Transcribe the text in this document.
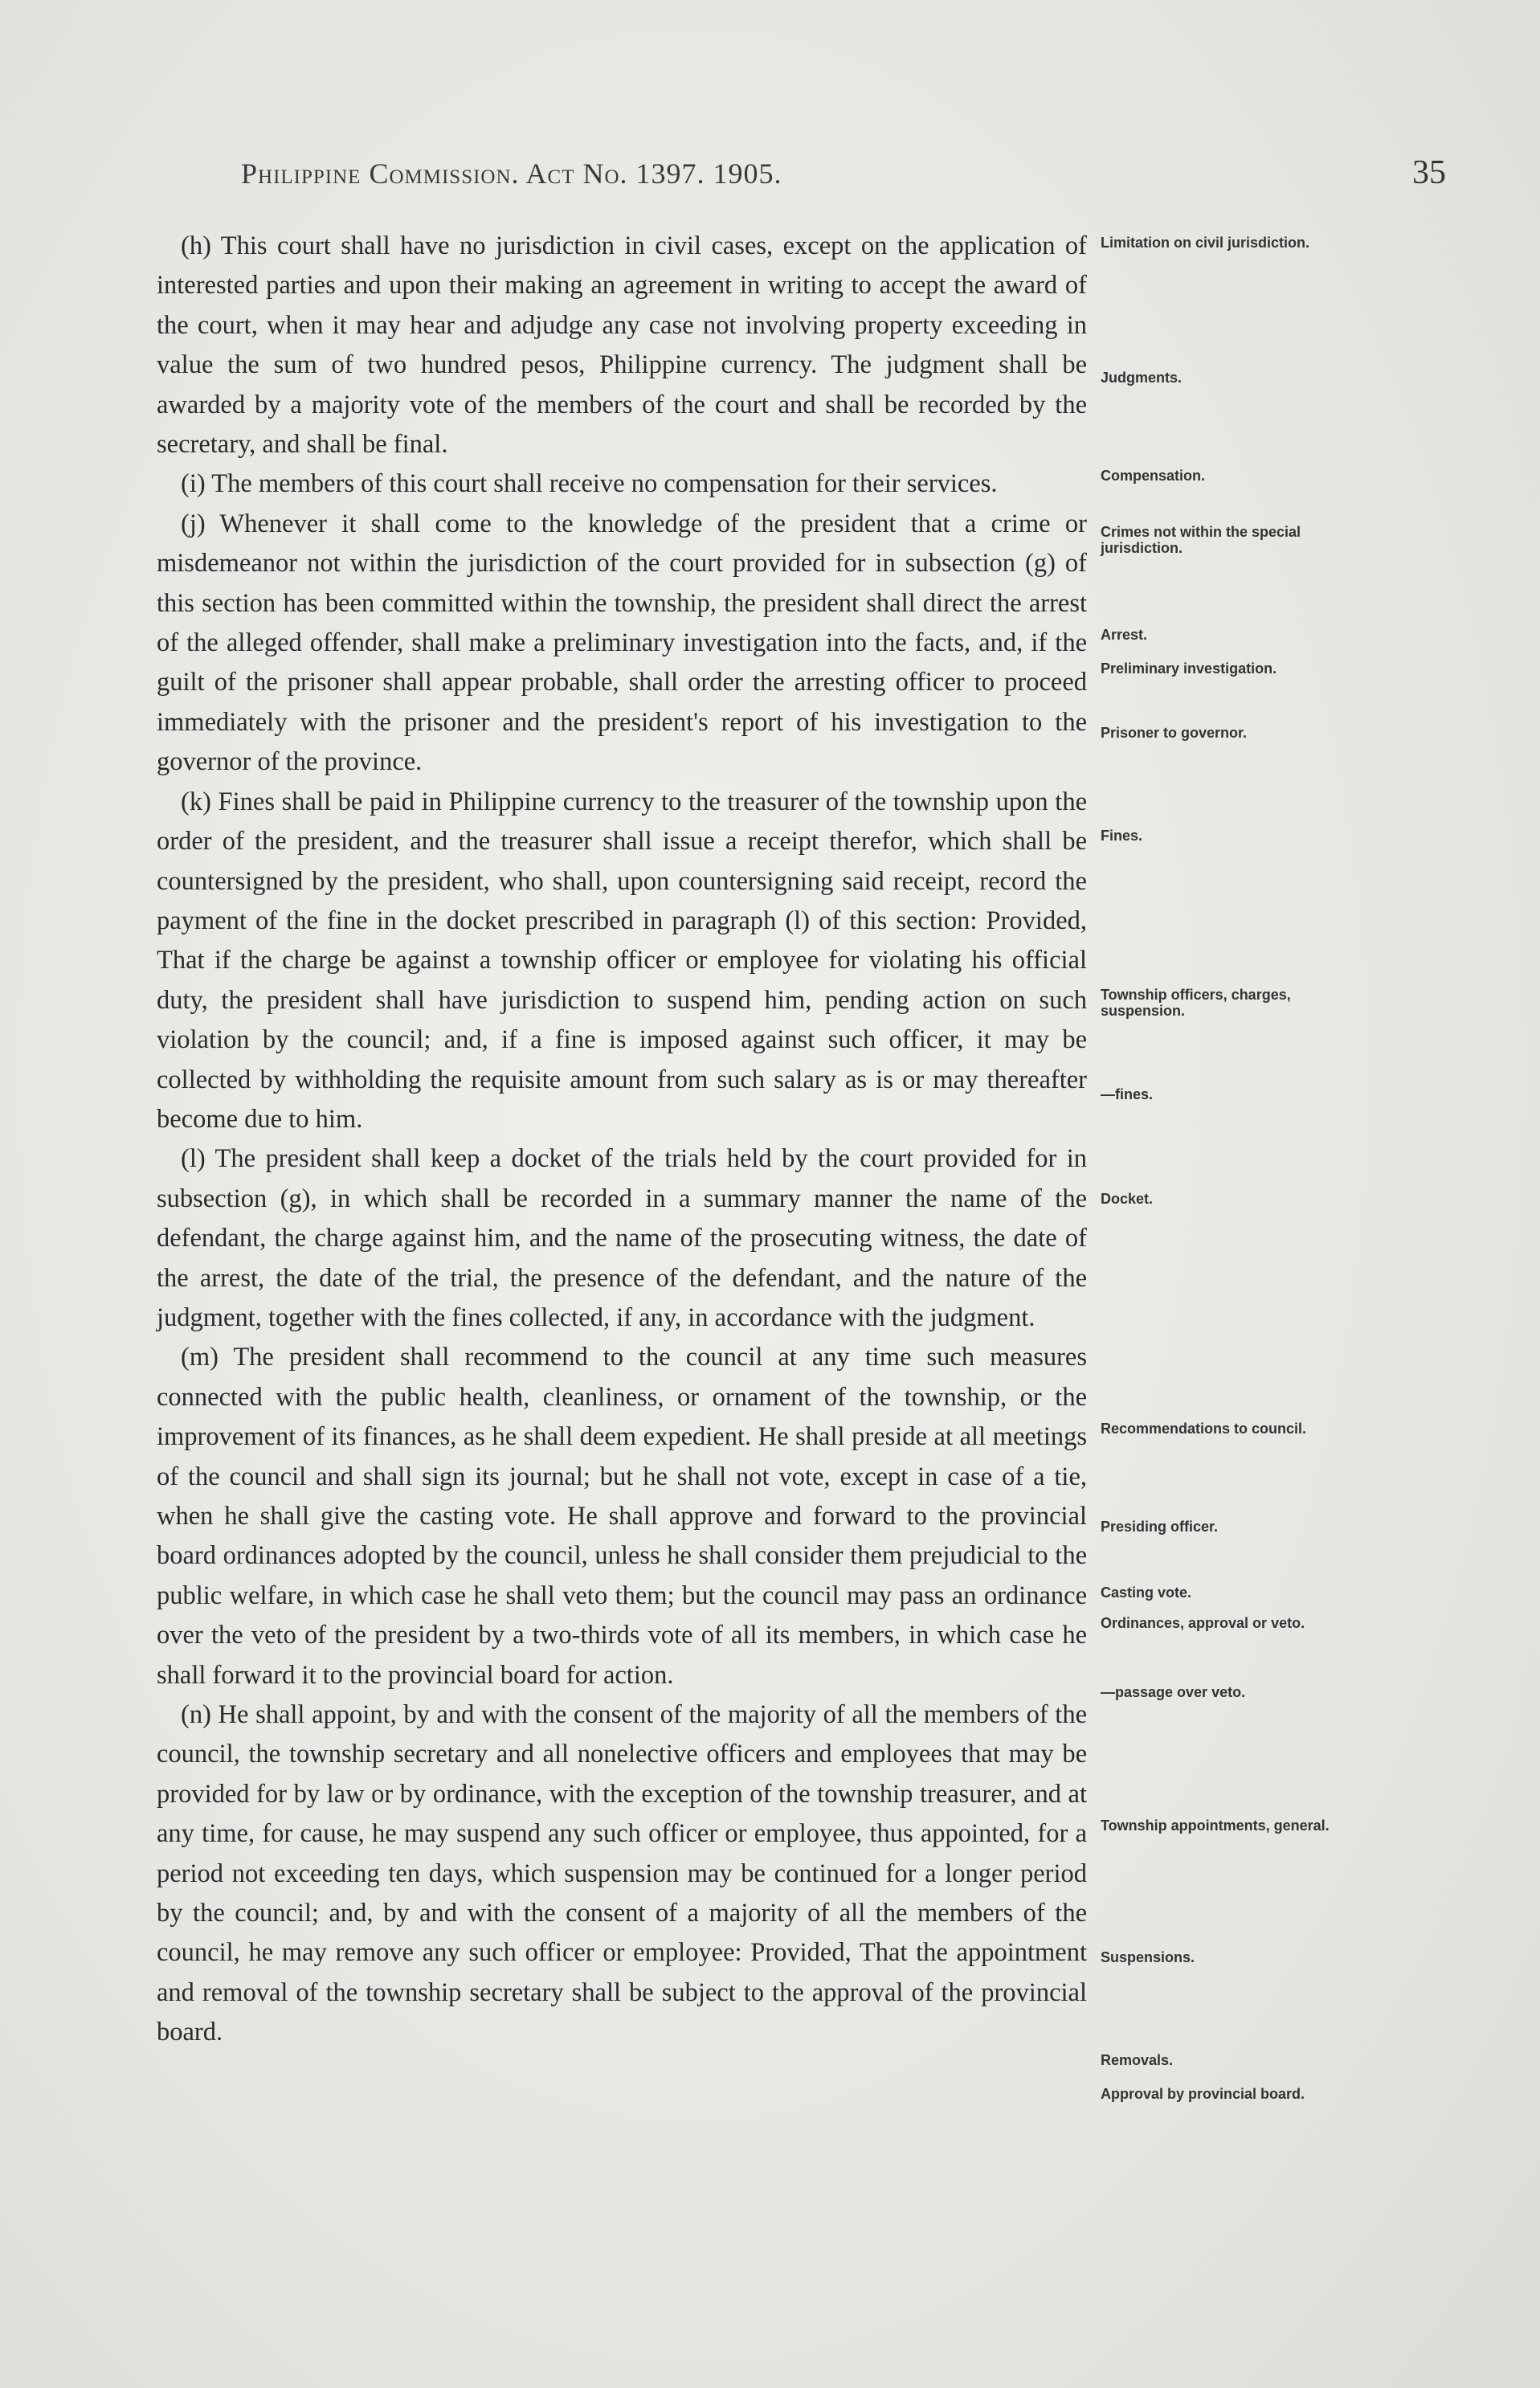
Philippine Commission. Act No. 1397. 1905.	35

(h) This court shall have no jurisdiction in civil cases, except on the application of interested parties and upon their making an agreement in writing to accept the award of the court, when it may hear and adjudge any case not involving property exceeding in value the sum of two hundred pesos, Philippine currency. The judgment shall be awarded by a majority vote of the members of the court and shall be recorded by the secretary, and shall be final.

(i) The members of this court shall receive no compensation for their services.

(j) Whenever it shall come to the knowledge of the president that a crime or misdemeanor not within the jurisdiction of the court provided for in subsection (g) of this section has been committed within the township, the president shall direct the arrest of the alleged offender, shall make a preliminary investigation into the facts, and, if the guilt of the prisoner shall appear probable, shall order the arresting officer to proceed immediately with the prisoner and the president's report of his investigation to the governor of the province.

(k) Fines shall be paid in Philippine currency to the treasurer of the township upon the order of the president, and the treasurer shall issue a receipt therefor, which shall be countersigned by the president, who shall, upon countersigning said receipt, record the payment of the fine in the docket prescribed in paragraph (l) of this section: Provided, That if the charge be against a township officer or employee for violating his official duty, the president shall have jurisdiction to suspend him, pending action on such violation by the council; and, if a fine is imposed against such officer, it may be collected by withholding the requisite amount from such salary as is or may thereafter become due to him.

(l) The president shall keep a docket of the trials held by the court provided for in subsection (g), in which shall be recorded in a summary manner the name of the defendant, the charge against him, and the name of the prosecuting witness, the date of the arrest, the date of the trial, the presence of the defendant, and the nature of the judgment, together with the fines collected, if any, in accordance with the judgment.

(m) The president shall recommend to the council at any time such measures connected with the public health, cleanliness, or ornament of the township, or the improvement of its finances, as he shall deem expedient. He shall preside at all meetings of the council and shall sign its journal; but he shall not vote, except in case of a tie, when he shall give the casting vote. He shall approve and forward to the provincial board ordinances adopted by the council, unless he shall consider them prejudicial to the public welfare, in which case he shall veto them; but the council may pass an ordinance over the veto of the president by a two-thirds vote of all its members, in which case he shall forward it to the provincial board for action.

(n) He shall appoint, by and with the consent of the majority of all the members of the council, the township secretary and all nonelective officers and employees that may be provided for by law or by ordinance, with the exception of the township treasurer, and at any time, for cause, he may suspend any such officer or employee, thus appointed, for a period not exceeding ten days, which suspension may be continued for a longer period by the council; and, by and with the consent of a majority of all the members of the council, he may remove any such officer or employee: Provided, That the appointment and removal of the township secretary shall be subject to the approval of the provincial board.

Limitation on civil jurisdiction.
Judgments.
Compensation.
Crimes not within the special jurisdiction.
Arrest.
Preliminary investigation.
Prisoner to governor.
Fines.
Township officers, charges, suspension.
—fines.
Docket.
Recommendations to council.
Presiding officer.
Casting vote.
Ordinances, approval or veto.
—passage over veto.
Township appointments, general.
Suspensions.
Removals.
Approval by provincial board.
